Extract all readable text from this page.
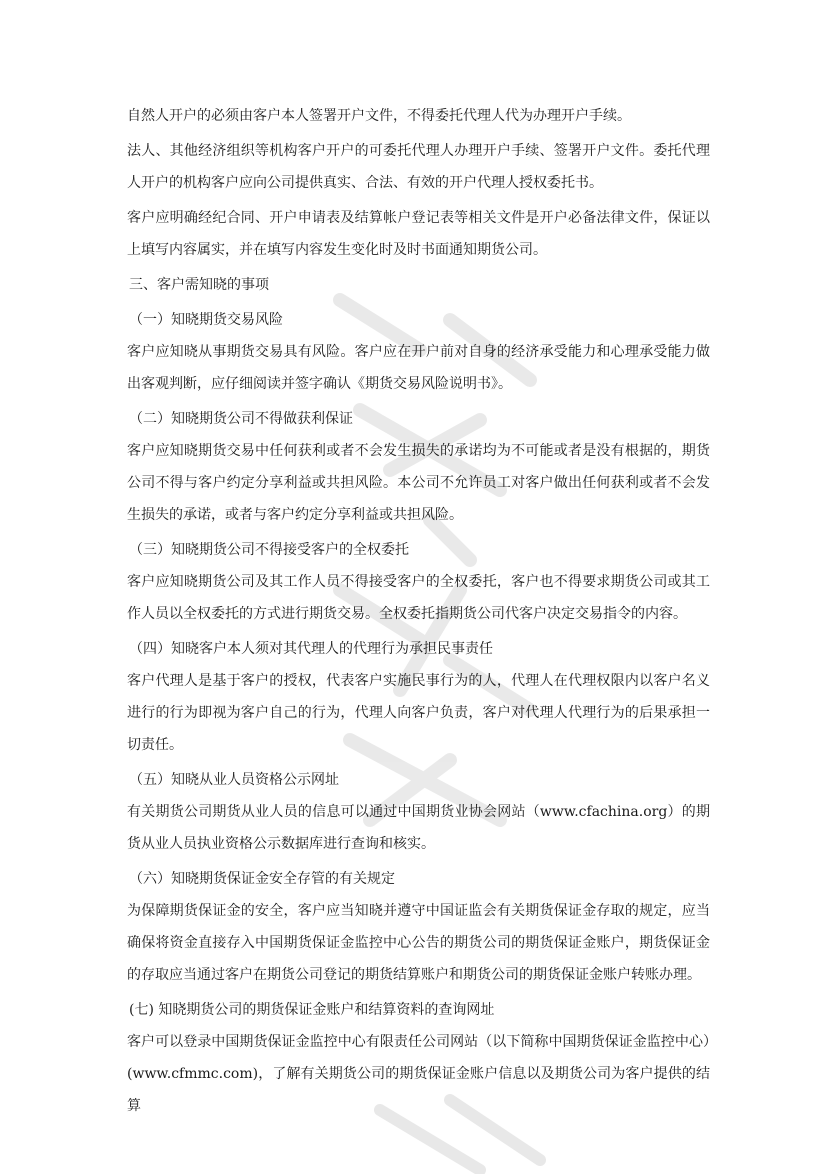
自然人开户的必须由客户本人签署开户文件，不得委托代理人代为办理开户手续。

法人、其他经济组织等机构客户开户的可委托代理人办理开户手续、签署开户文件。委托代理人开户的机构客户应向公司提供真实、合法、有效的开户代理人授权委托书。

客户应明确经纪合同、开户申请表及结算帐户登记表等相关文件是开户必备法律文件，保证以上填写内容属实，并在填写内容发生变化时及时书面通知期货公司。

三、客户需知晓的事项

（一）知晓期货交易风险

客户应知晓从事期货交易具有风险。客户应在开户前对自身的经济承受能力和心理承受能力做出客观判断，应仔细阅读并签字确认《期货交易风险说明书》。

（二）知晓期货公司不得做获利保证

客户应知晓期货交易中任何获利或者不会发生损失的承诺均为不可能或者是没有根据的，期货公司不得与客户约定分享利益或共担风险。本公司不允许员工对客户做出任何获利或者不会发生损失的承诺，或者与客户约定分享利益或共担风险。

（三）知晓期货公司不得接受客户的全权委托

客户应知晓期货公司及其工作人员不得接受客户的全权委托，客户也不得要求期货公司或其工作人员以全权委托的方式进行期货交易。全权委托指期货公司代客户决定交易指令的内容。

（四）知晓客户本人须对其代理人的代理行为承担民事责任

客户代理人是基于客户的授权，代表客户实施民事行为的人，代理人在代理权限内以客户名义进行的行为即视为客户自己的行为，代理人向客户负责，客户对代理人代理行为的后果承担一切责任。

（五）知晓从业人员资格公示网址

有关期货公司期货从业人员的信息可以通过中国期货业协会网站（www.cfachina.org）的期货从业人员执业资格公示数据库进行查询和核实。

（六）知晓期货保证金安全存管的有关规定

为保障期货保证金的安全，客户应当知晓并遵守中国证监会有关期货保证金存取的规定，应当确保将资金直接存入中国期货保证金监控中心公告的期货公司的期货保证金账户，期货保证金的存取应当通过客户在期货公司登记的期货结算账户和期货公司的期货保证金账户转账办理。

(七) 知晓期货公司的期货保证金账户和结算资料的查询网址

客户可以登录中国期货保证金监控中心有限责任公司网站（以下简称中国期货保证金监控中心）(www.cfmmc.com)，了解有关期货公司的期货保证金账户信息以及期货公司为客户提供的结算
